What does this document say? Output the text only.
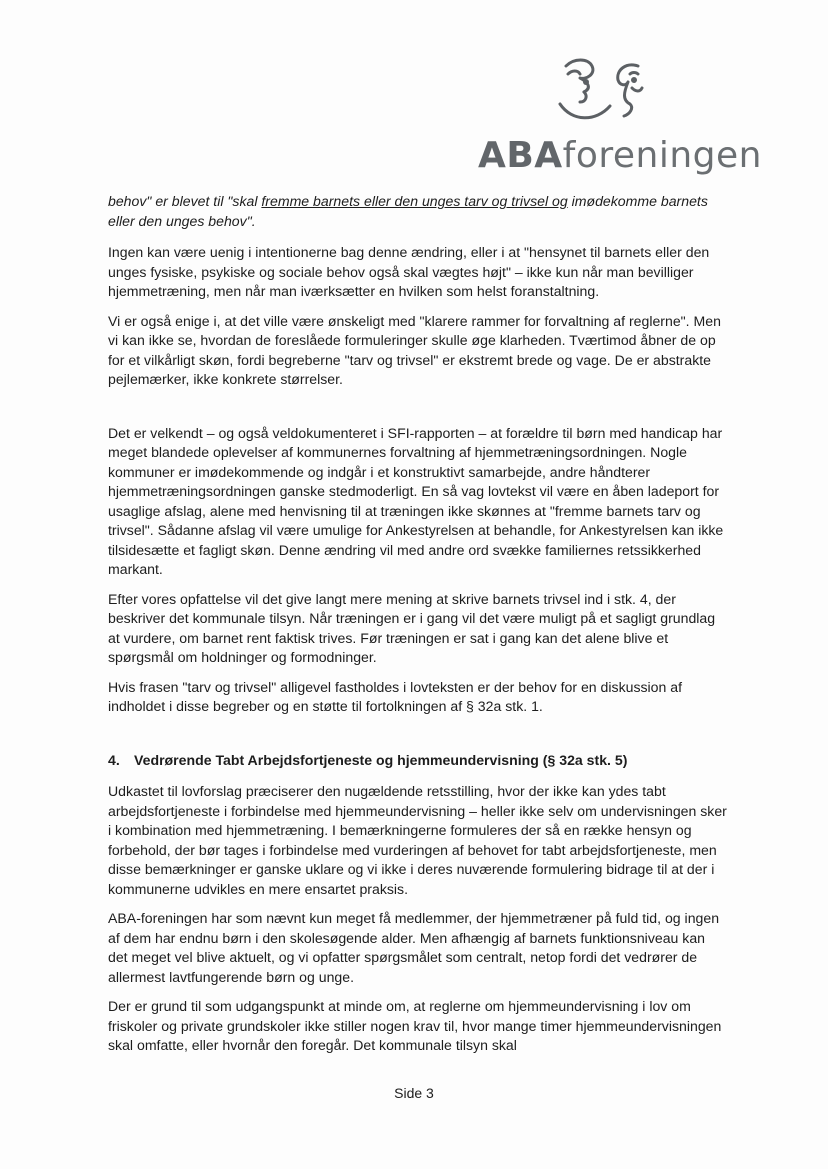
ABAforeningen

behov" er blevet til "skal fremme barnets eller den unges tarv og trivsel og imødekomme barnets eller den unges behov".

Ingen kan være uenig i intentionerne bag denne ændring, eller i at "hensynet til barnets eller den unges fysiske, psykiske og sociale behov også skal vægtes højt" – ikke kun når man bevilliger hjemmetræning, men når man iværksætter en hvilken som helst foranstaltning.

Vi er også enige i, at det ville være ønskeligt med "klarere rammer for forvaltning af reglerne". Men vi kan ikke se, hvordan de foreslåede formuleringer skulle øge klarheden. Tværtimod åbner de op for et vilkårligt skøn, fordi begreberne "tarv og trivsel" er ekstremt brede og vage. De er abstrakte pejlemærker, ikke konkrete størrelser.

Det er velkendt – og også veldokumenteret i SFI-rapporten – at forældre til børn med handicap har meget blandede oplevelser af kommunernes forvaltning af hjemmetræningsordningen. Nogle kommuner er imødekommende og indgår i et konstruktivt samarbejde, andre håndterer hjemmetræningsordningen ganske stedmoderligt. En så vag lovtekst vil være en åben ladeport for usaglige afslag, alene med henvisning til at træningen ikke skønnes at "fremme barnets tarv og trivsel". Sådanne afslag vil være umulige for Ankestyrelsen at behandle, for Ankestyrelsen kan ikke tilsidesætte et fagligt skøn. Denne ændring vil med andre ord svække familiernes retssikkerhed markant.

Efter vores opfattelse vil det give langt mere mening at skrive barnets trivsel ind i stk. 4, der beskriver det kommunale tilsyn. Når træningen er i gang vil det være muligt på et sagligt grundlag at vurdere, om barnet rent faktisk trives. Før træningen er sat i gang kan det alene blive et spørgsmål om holdninger og formodninger.

Hvis frasen "tarv og trivsel" alligevel fastholdes i lovteksten er der behov for en diskussion af indholdet i disse begreber og en støtte til fortolkningen af § 32a stk. 1.

4. Vedrørende Tabt Arbejdsfortjeneste og hjemmeundervisning (§ 32a stk. 5)

Udkastet til lovforslag præciserer den nugældende retsstilling, hvor der ikke kan ydes tabt arbejdsfortjeneste i forbindelse med hjemmeundervisning – heller ikke selv om undervisningen sker i kombination med hjemmetræning. I bemærkningerne formuleres der så en række hensyn og forbehold, der bør tages i forbindelse med vurderingen af behovet for tabt arbejdsfortjeneste, men disse bemærkninger er ganske uklare og vi ikke i deres nuværende formulering bidrage til at der i kommunerne udvikles en mere ensartet praksis.

ABA-foreningen har som nævnt kun meget få medlemmer, der hjemmetræner på fuld tid, og ingen af dem har endnu børn i den skolesøgende alder. Men afhængig af barnets funktionsniveau kan det meget vel blive aktuelt, og vi opfatter spørgsmålet som centralt, netop fordi det vedrører de allermest lavtfungerende børn og unge.

Der er grund til som udgangspunkt at minde om, at reglerne om hjemmeundervisning i lov om friskoler og private grundskoler ikke stiller nogen krav til, hvor mange timer hjemmeundervisningen skal omfatte, eller hvornår den foregår. Det kommunale tilsyn skal

Side 3
